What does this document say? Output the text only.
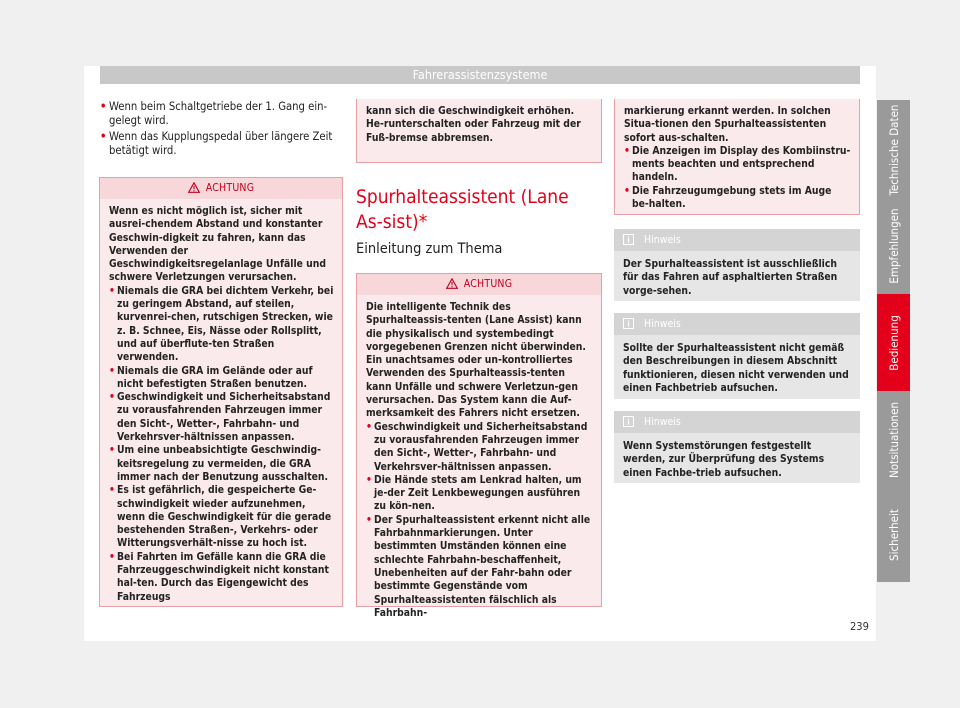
Fahrerassistenzsysteme

• Wenn beim Schaltgetriebe der 1. Gang ein-gelegt wird.

• Wenn das Kupplungspedal über längere Zeit betätigt wird.

ACHTUNG

Wenn es nicht möglich ist, sicher mit ausrei-chendem Abstand und konstanter Geschwin-digkeit zu fahren, kann das Verwenden der Geschwindigkeitsregelanlage Unfälle und schwere Verletzungen verursachen.

• Niemals die GRA bei dichtem Verkehr, bei zu geringem Abstand, auf steilen, kurvenrei-chen, rutschigen Strecken, wie z. B. Schnee, Eis, Nässe oder Rollsplitt, und auf überflute-ten Straßen verwenden.

• Niemals die GRA im Gelände oder auf nicht befestigten Straßen benutzen.

• Geschwindigkeit und Sicherheitsabstand zu vorausfahrenden Fahrzeugen immer den Sicht-, Wetter-, Fahrbahn- und Verkehrsver-hältnissen anpassen.

• Um eine unbeabsichtigte Geschwindig-keitsregelung zu vermeiden, die GRA immer nach der Benutzung ausschalten.

• Es ist gefährlich, die gespeicherte Ge-schwindigkeit wieder aufzunehmen, wenn die Geschwindigkeit für die gerade bestehenden Straßen-, Verkehrs- oder Witterungsverhält-nisse zu hoch ist.

• Bei Fahrten im Gefälle kann die GRA die Fahrzeuggeschwindigkeit nicht konstant hal-ten. Durch das Eigengewicht des Fahrzeugs

kann sich die Geschwindigkeit erhöhen. He-runterschalten oder Fahrzeug mit der Fuß-bremse abbremsen.

Spurhalteassistent (Lane As-sist)*
Einleitung zum Thema
ACHTUNG

Die intelligente Technik des Spurhalteassis-tenten (Lane Assist) kann die physikalisch und systembedingt vorgegebenen Grenzen nicht überwinden. Ein unachtsames oder un-kontrolliertes Verwenden des Spurhalteassis-tenten kann Unfälle und schwere Verletzun-gen verursachen. Das System kann die Auf-merksamkeit des Fahrers nicht ersetzen.

• Geschwindigkeit und Sicherheitsabstand zu vorausfahrenden Fahrzeugen immer den Sicht-, Wetter-, Fahrbahn- und Verkehrsver-hältnissen anpassen.

• Die Hände stets am Lenkrad halten, um je-der Zeit Lenkbewegungen ausführen zu kön-nen.

• Der Spurhalteassistent erkennt nicht alle Fahrbahnmarkierungen. Unter bestimmten Umständen können eine schlechte Fahrbahn-beschaffenheit, Unebenheiten auf der Fahr-bahn oder bestimmte Gegenstände vom Spurhalteassistenten fälschlich als Fahrbahn-

markierung erkannt werden. In solchen Situa-tionen den Spurhalteassistenten sofort aus-schalten.

• Die Anzeigen im Display des Kombiinstru-ments beachten und entsprechend handeln.

• Die Fahrzeugumgebung stets im Auge be-halten.

Hinweis
Der Spurhalteassistent ist ausschließlich für das Fahren auf asphaltierten Straßen vorge-sehen.
Hinweis
Sollte der Spurhalteassistent nicht gemäß den Beschreibungen in diesem Abschnitt funktionieren, diesen nicht verwenden und einen Fachbetrieb aufsuchen.
Hinweis
Wenn Systemstörungen festgestellt werden, zur Überprüfung des Systems einen Fachbe-trieb aufsuchen.
Technische Daten
Empfehlungen
Bedienung
Notsituationen
Sicherheit
239
